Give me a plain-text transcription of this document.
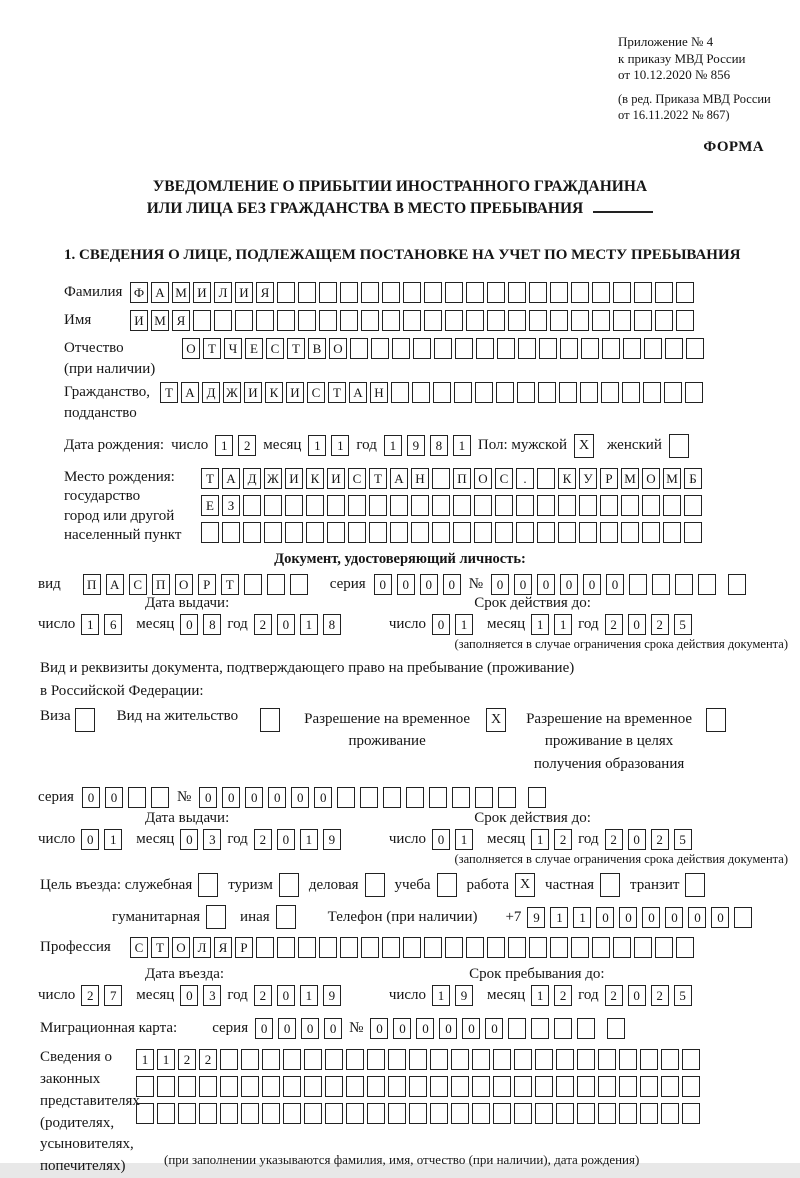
Приложение № 4
к приказу МВД России
от 10.12.2020 № 856
(в ред. Приказа МВД России
от 16.11.2022 № 867)
ФОРМА
УВЕДОМЛЕНИЕ О ПРИБЫТИИ ИНОСТРАННОГО ГРАЖДАНИНА
ИЛИ ЛИЦА БЕЗ ГРАЖДАНСТВА В МЕСТО ПРЕБЫВАНИЯ
1. СВЕДЕНИЯ О ЛИЦЕ, ПОДЛЕЖАЩЕМ ПОСТАНОВКЕ НА УЧЕТ ПО МЕСТУ ПРЕБЫВАНИЯ
Фамилия Ф А М И Л И Я
Имя	И М Я
Отчество
(при наличии)
О Т Ч Е С Т В О
Гражданство,
подданство
Т А Д Ж И К И С Т А Н
Дата рождения: число 1	2 месяц 1	1 год 1	9	8	1 Пол: мужской X	женский
Место рождения:
государство
город или другой
населенный пункт
Т А Д Ж И К И С Т А Н	П О С	.	К У Р М О М Б
Е	З
Документ, удостоверяющий личность:
вид	П	А	С	П	О	Р	Т	серия	0	0	0	0 №	0	0	0	0	0	0
Дата выдачи:	Срок действия до:
число 1	6	месяц 0	8 год 2	0	1	8	число 0	1	месяц 1	1 год 2	0	2	5
(заполняется в случае ограничения срока действия документа)
Вид и реквизиты документа, подтверждающего право на пребывание (проживание)
в Российской Федерации:
Виза	Вид на жительство	Разрешение на временное
проживание
X	Разрешение на временное
проживание в целях
получения образования
серия	0	0	№	0	0	0	0	0	0
Дата выдачи:	Срок действия до:
число 0	1	месяц 0	3 год 2	0	1	9	число 0	1	месяц 1	2 год 2	0	2	5
(заполняется в случае ограничения срока действия документа)
Цель въезда: служебная туризм деловая учеба работа X частная транзит
гуманитарная	иная	Телефон (при наличии) +7 9	1	1	0	0	0	0	0	0
Профессия	С Т О Л Я	Р
Дата въезда:	Срок пребывания до:
число 2	7	месяц 0	3 год 2	0	1	9	число 1	9	месяц 1	2 год 2	0	2	5
Миграционная карта: серия 0	0	0	0 № 0	0	0	0	0	0
Сведения о
законных
представителях
(родителях,
усыновителях,
попечителях)
1	1	2	2
(при заполнении указываются фамилия, имя, отчество (при наличии), дата рождения)
